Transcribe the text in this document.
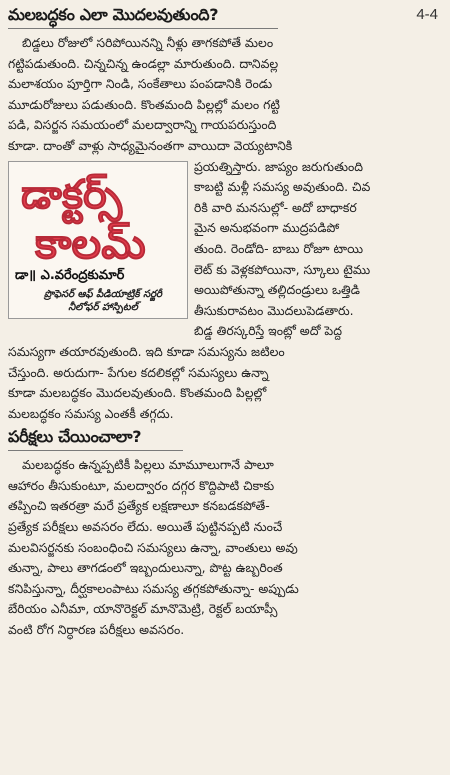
4-4
మలబద్ధకం ఎలా మొదలవుతుంది?
బిడ్డలు రోజులో సరిపోయినన్ని నీళ్లు తాగకపోతే మలం
గట్టిపడుతుంది. చిన్నచిన్న ఉండల్లా మారుతుంది. దానివల్ల
మలాశయం పూర్తిగా నిండి, సంకేతాలు పంపడానికి రెండు
మూడురోజులు పడుతుంది. కొంతమంది పిల్లల్లో మలం గట్టి
పడి, విసర్జన సమయంలో మలద్వారాన్ని గాయపరుస్తుంది
కూడా. దాంతో వాళ్లు సాధ్యమైనంతగా వాయిదా వెయ్యటానికి
డాక్టర్స్
కాలమ్
డా॥ ఎ.వరేంద్రకుమార్
ప్రొఫెసర్ ఆఫ్ పీడియాట్రిక్ సర్జరీ
నీలోఫర్ హాస్పిటల్
ప్రయత్నిస్తారు. జాప్యం జరుగుతుంది
కాబట్టి మళ్లీ సమస్య అవుతుంది. చివ
రికి వారి మనసుల్లో- అదో బాధాకర
మైన అనుభవంగా ముద్రపడిపో
తుంది. రెండోది- బాబు రోజూ టాయి
లెట్ కు వెళ్లకపోయినా, స్కూలు టైము
అయిపోతున్నా తల్లిదండ్రులు ఒత్తిడి
తీసుకురావటం మొదలుపెడతారు.
బిడ్డ తిరస్కరిస్తే ఇంట్లో అదో పెద్ద
సమస్యగా తయారవుతుంది. ఇది కూడా సమస్యను జటిలం
చేస్తుంది. అరుదుగా- పేగుల కదలికల్లో సమస్యలు ఉన్నా
కూడా మలబద్ధకం మొదలవుతుంది. కొంతమంది పిల్లల్లో
మలబద్ధకం సమస్య ఎంతకీ తగ్గదు.
పరీక్షలు చేయించాలా?
మలబద్ధకం ఉన్నప్పటికీ పిల్లలు మామూలుగానే పాలూ
ఆహారం తీసుకుంటూ, మలద్వారం దగ్గర కొద్దిపాటి చికాకు
తప్పించి ఇతరత్రా మరే ప్రత్యేక లక్షణాలూ కనబడకపోతే-
ప్రత్యేక పరీక్షలు అవసరం లేదు. అయితే పుట్టినప్పటి నుంచే
మలవిసర్జనకు సంబంధించి సమస్యలు ఉన్నా, వాంతులు అవు
తున్నా, పాలు తాగడంలో ఇబ్బందులున్నా, పొట్ట ఉబ్బరింత
కనిపిస్తున్నా, దీర్ఘకాలంపాటు సమస్య తగ్గకపోతున్నా- అప్పుడు
బేరియం ఎనీమా, యానొరెక్టల్ మానొమెట్రి, రెక్టల్ బయాప్సీ
వంటి రోగ నిర్ధారణ పరీక్షలు అవసరం.
